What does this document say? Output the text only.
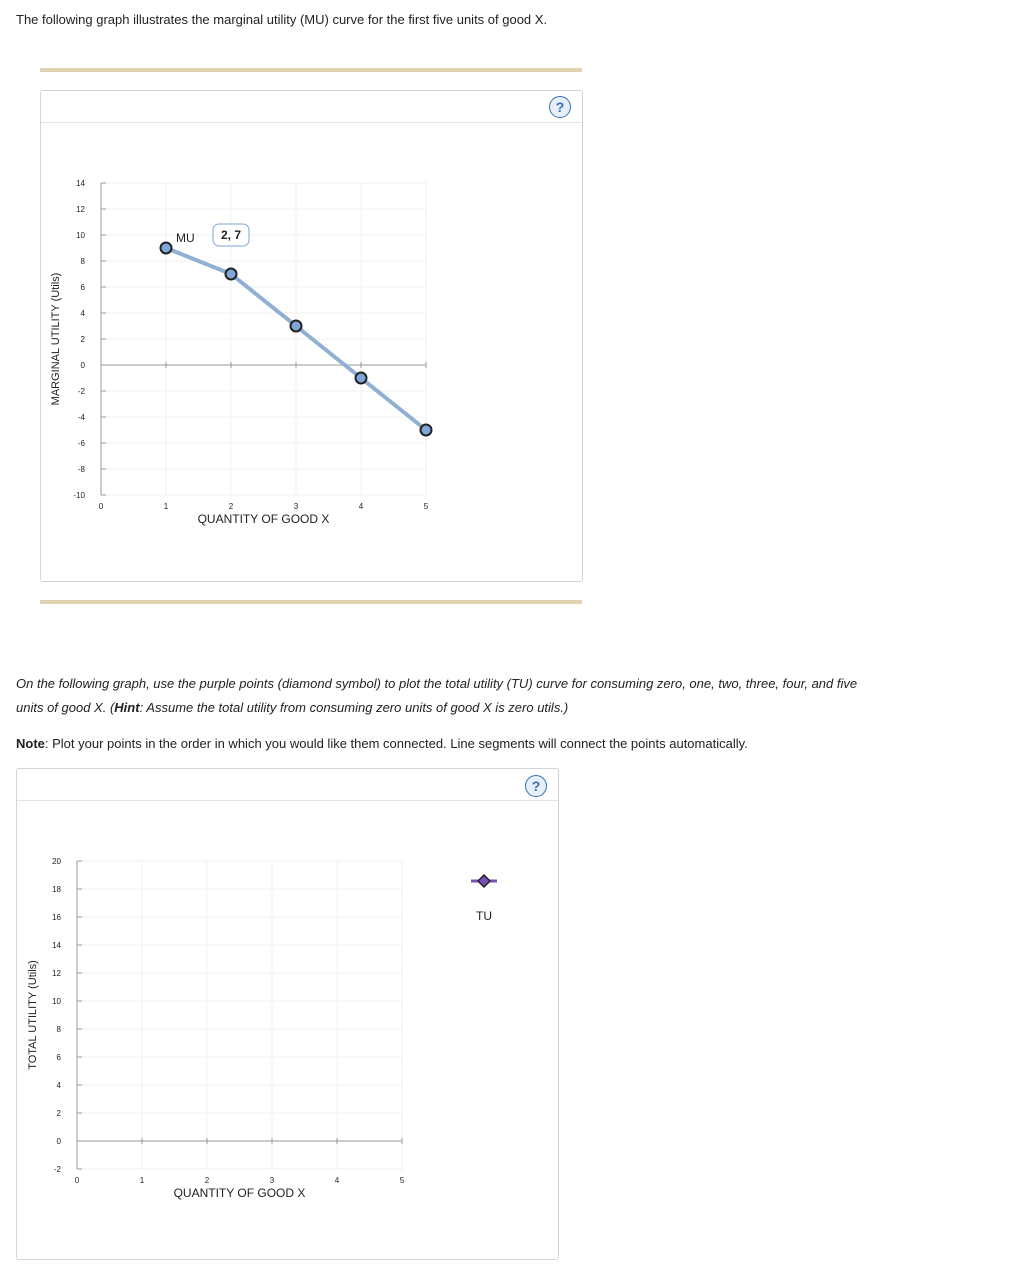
The following graph illustrates the marginal utility (MU) curve for the first five units of good X.
?
14
12
10
8
6
4
2
0
-2
-4
-6
-8
-10
0	1	2	3	4	5
MU 2, 7
QUANTITY OF GOOD X
MARGINAL UTILITY (Utils)
On the following graph, use the purple points (diamond symbol) to plot the total utility (TU) curve for consuming zero, one, two, three, four, and five
units of good X. (Hint: Assume the total utility from consuming zero units of good X is zero utils.)
Note: Plot your points in the order in which you would like them connected. Line segments will connect the points automatically.
?
20
18
16
14
12
10
8
6
4
2
0
-2
0	1	2	3	4	5
TU
QUANTITY OF GOOD X
TOTAL UTILITY (Utils)
